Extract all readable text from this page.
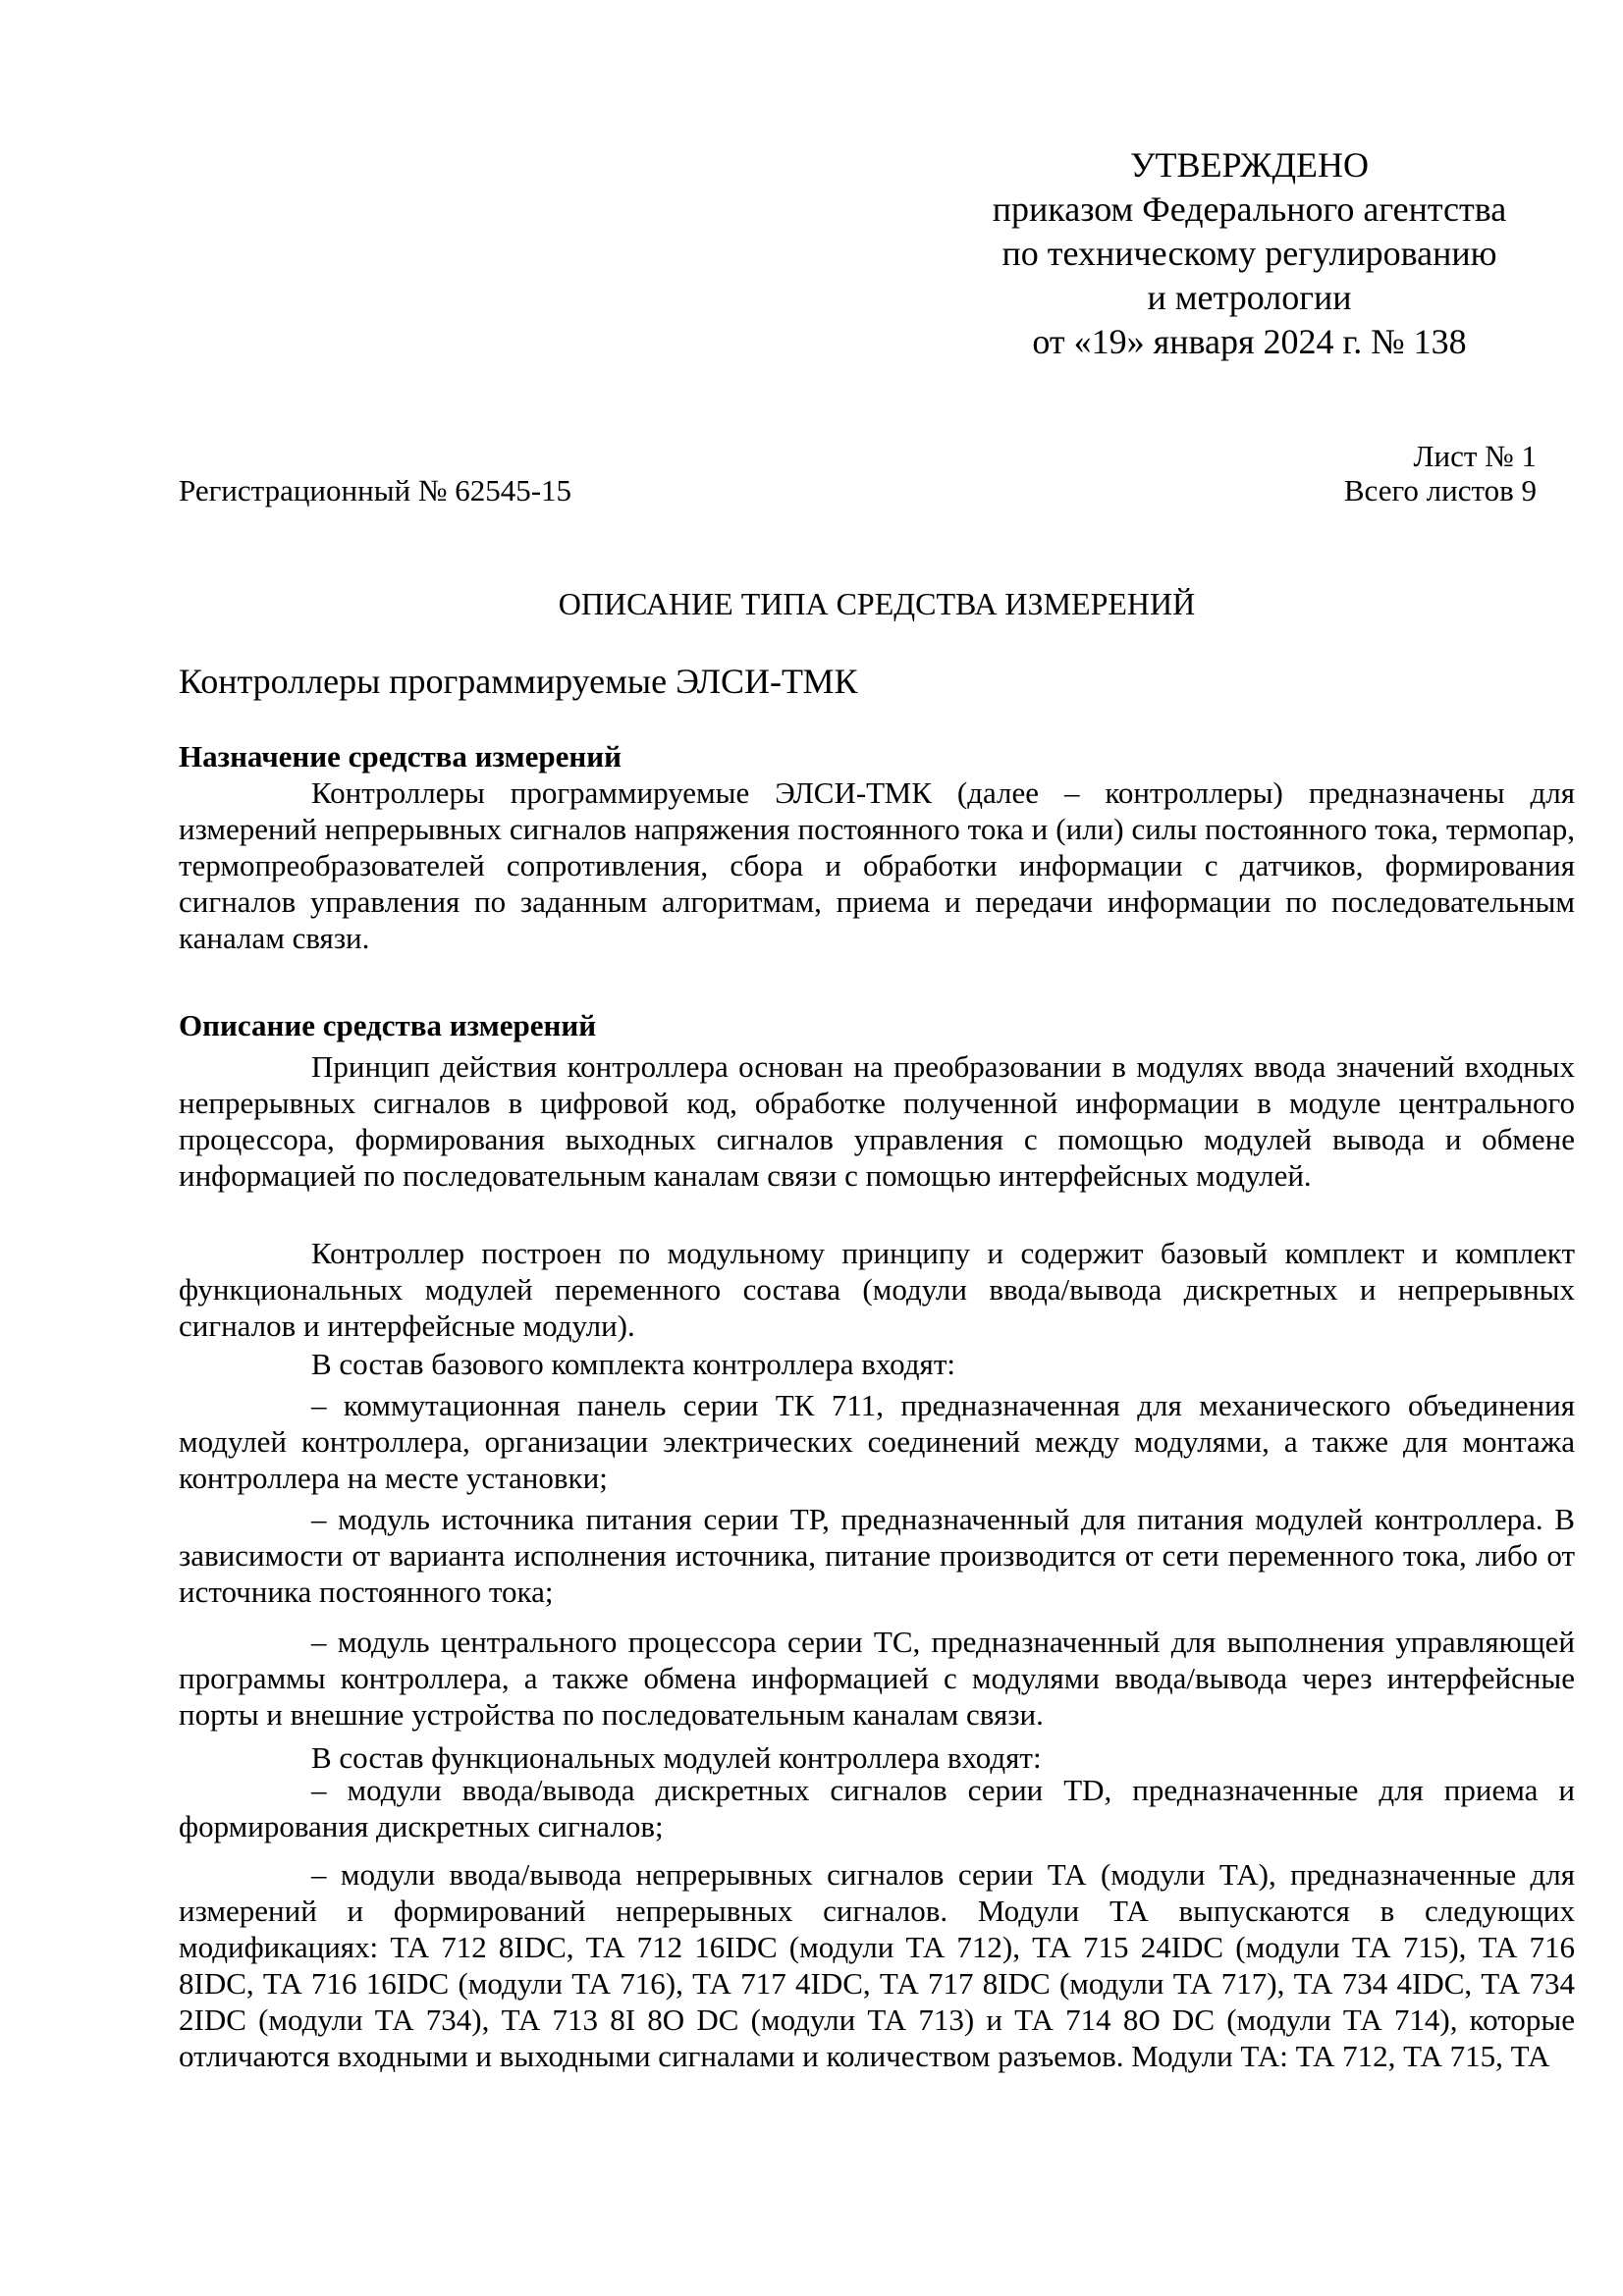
УТВЕРЖДЕНО
приказом Федерального агентства
по техническому регулированию
и метрологии
от «19» января 2024 г. № 138
Лист № 1
Регистрационный № 62545-15	Всего листов 9
ОПИСАНИЕ ТИПА СРЕДСТВА ИЗМЕРЕНИЙ
Контроллеры программируемые ЭЛСИ-ТМК
Назначение средства измерений

Контроллеры программируемые ЭЛСИ-ТМК (далее – контроллеры) предназначены для измерений непрерывных сигналов напряжения постоянного тока и (или) силы постоянного тока, термопар, термопреобразователей сопротивления, сбора и обработки информации с датчиков, формирования сигналов управления по заданным алгоритмам, приема и передачи информации по последовательным каналам связи.

Описание средства измерений

Принцип действия контроллера основан на преобразовании в модулях ввода значений входных непрерывных сигналов в цифровой код, обработке полученной информации в модуле центрального процессора, формирования выходных сигналов управления с помощью модулей вывода и обмене информацией по последовательным каналам связи с помощью интерфейсных модулей.

Контроллер построен по модульному принципу и содержит базовый комплект и комплект функциональных модулей переменного состава (модули ввода/вывода дискретных и непрерывных сигналов и интерфейсные модули).

В состав базового комплекта контроллера входят:

– коммутационная панель серии ТК 711, предназначенная для механического объединения модулей контроллера, организации электрических соединений между модулями, а также для монтажа контроллера на месте установки;

– модуль источника питания серии ТР, предназначенный для питания модулей контроллера. В зависимости от варианта исполнения источника, питание производится от сети переменного тока, либо от источника постоянного тока;

– модуль центрального процессора серии ТС, предназначенный для выполнения управляющей программы контроллера, а также обмена информацией с модулями ввода/вывода через интерфейсные порты и внешние устройства по последовательным каналам связи.

В состав функциональных модулей контроллера входят:

– модули ввода/вывода дискретных сигналов серии TD, предназначенные для приема и формирования дискретных сигналов;

– модули ввода/вывода непрерывных сигналов серии ТА (модули ТА), предназначенные для измерений и формирований непрерывных сигналов. Модули ТА выпускаются в следующих модификациях: ТА 712 8IDC, ТА 712 16IDC (модули ТА 712), ТА 715 24IDC (модули ТА 715), ТА 716 8IDC, ТА 716 16IDC (модули ТА 716), ТА 717 4IDC, ТА 717 8IDC (модули ТА 717), ТА 734 4IDC, ТА 734 2IDC (модули ТА 734), ТА 713 8I 8O DC (модули ТА 713) и ТА 714 8O DC (модули ТА 714), которые отличаются входными и выходными сигналами и количеством разъемов. Модули ТА: ТА 712, ТА 715, ТА
